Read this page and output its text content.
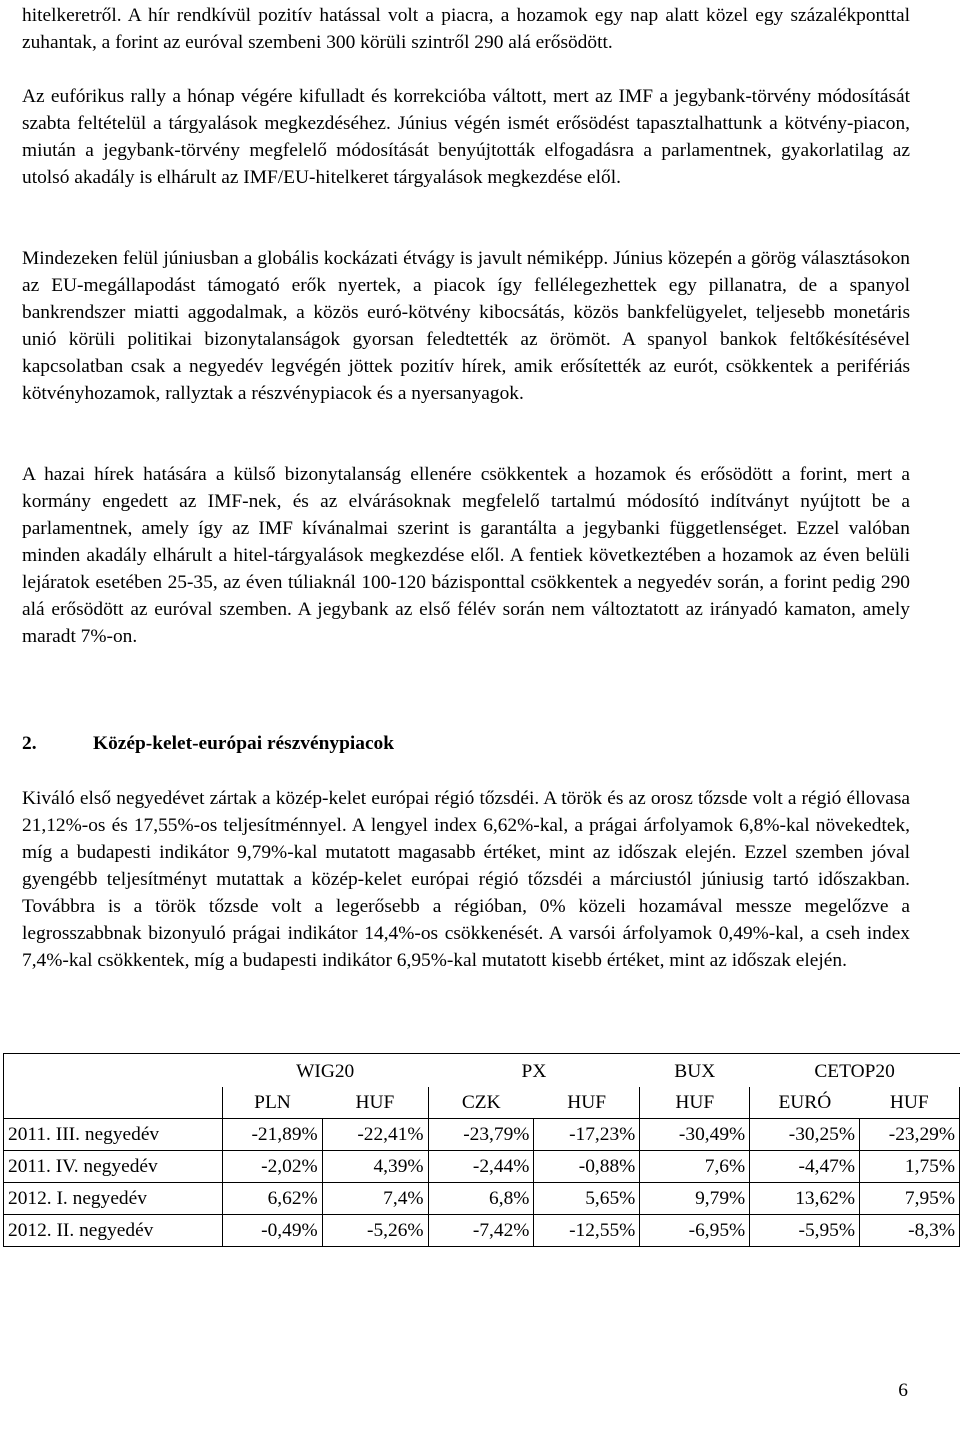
hitelkeretről. A hír rendkívül pozitív hatással volt a piacra, a hozamok egy nap alatt közel egy százalékponttal zuhantak, a forint az euróval szembeni 300 körüli szintről 290 alá erősödött.

Az eufórikus rally a hónap végére kifulladt és korrekcióba váltott, mert az IMF a jegybank-törvény módosítását szabta feltételül a tárgyalások megkezdéséhez. Június végén ismét erősödést tapasztalhattunk a kötvény-piacon, miután a jegybank-törvény megfelelő módosítását benyújtották elfogadásra a parlamentnek, gyakorlatilag az utolsó akadály is elhárult az IMF/EU-hitelkeret tárgyalások megkezdése elől.

Mindezeken felül júniusban a globális kockázati étvágy is javult némiképp. Június közepén a görög választásokon az EU-megállapodást támogató erők nyertek, a piacok így fellélegezhettek egy pillanatra, de a spanyol bankrendszer miatti aggodalmak, a közös euró-kötvény kibocsátás, közös bankfelügyelet, teljesebb monetáris unió körüli politikai bizonytalanságok gyorsan feledtették az örömöt. A spanyol bankok feltőkésítésével kapcsolatban csak a negyedév legvégén jöttek pozitív hírek, amik erősítették az eurót, csökkentek a perifériás kötvényhozamok, rallyztak a részvénypiacok és a nyersanyagok.

A hazai hírek hatására a külső bizonytalanság ellenére csökkentek a hozamok és erősödött a forint, mert a kormány engedett az IMF-nek, és az elvárásoknak megfelelő tartalmú módosító indítványt nyújtott be a parlamentnek, amely így az IMF kívánalmai szerint is garantálta a jegybanki függetlenséget. Ezzel valóban minden akadály elhárult a hitel-tárgyalások megkezdése elől. A fentiek következtében a hozamok az éven belüli lejáratok esetében 25-35, az éven túliaknál 100-120 bázisponttal csökkentek a negyedév során, a forint pedig 290 alá erősödött az euróval szemben. A jegybank az első félév során nem változtatott az irányadó kamaton, amely maradt 7%-on.

2.	Közép-kelet-európai részvénypiacok

Kiváló első negyedévet zártak a közép-kelet európai régió tőzsdéi. A török és az orosz tőzsde volt a régió éllovasa 21,12%-os és 17,55%-os teljesítménnyel. A lengyel index 6,62%-kal, a prágai árfolyamok 6,8%-kal növekedtek, míg a budapesti indikátor 9,79%-kal mutatott magasabb értéket, mint az időszak elején. Ezzel szemben jóval gyengébb teljesítményt mutattak a közép-kelet európai régió tőzsdéi a márciustól júniusig tartó időszakban. Továbbra is a török tőzsde volt a legerősebb a régióban, 0% közeli hozamával messze megelőzve a legrosszabbnak bizonyuló prágai indikátor 14,4%-os csökkenését. A varsói árfolyamok 0,49%-kal, a cseh index 7,4%-kal csökkentek, míg a budapesti indikátor 6,95%-kal mutatott kisebb értéket, mint az időszak elején.

	WIG20		PX		BUX	CETOP20	
	PLN	HUF	CZK	HUF	HUF	EURÓ	HUF
2011. III. negyedév	-21,89%	-22,41%	-23,79%	-17,23%	-30,49%	-30,25%	-23,29%
2011. IV. negyedév	-2,02%	4,39%	-2,44%	-0,88%	7,6%	-4,47%	1,75%
2012. I. negyedév	6,62%	7,4%	6,8%	5,65%	9,79%	13,62%	7,95%
2012. II. negyedév	-0,49%	-5,26%	-7,42%	-12,55%	-6,95%	-5,95%	-8,3%
6
